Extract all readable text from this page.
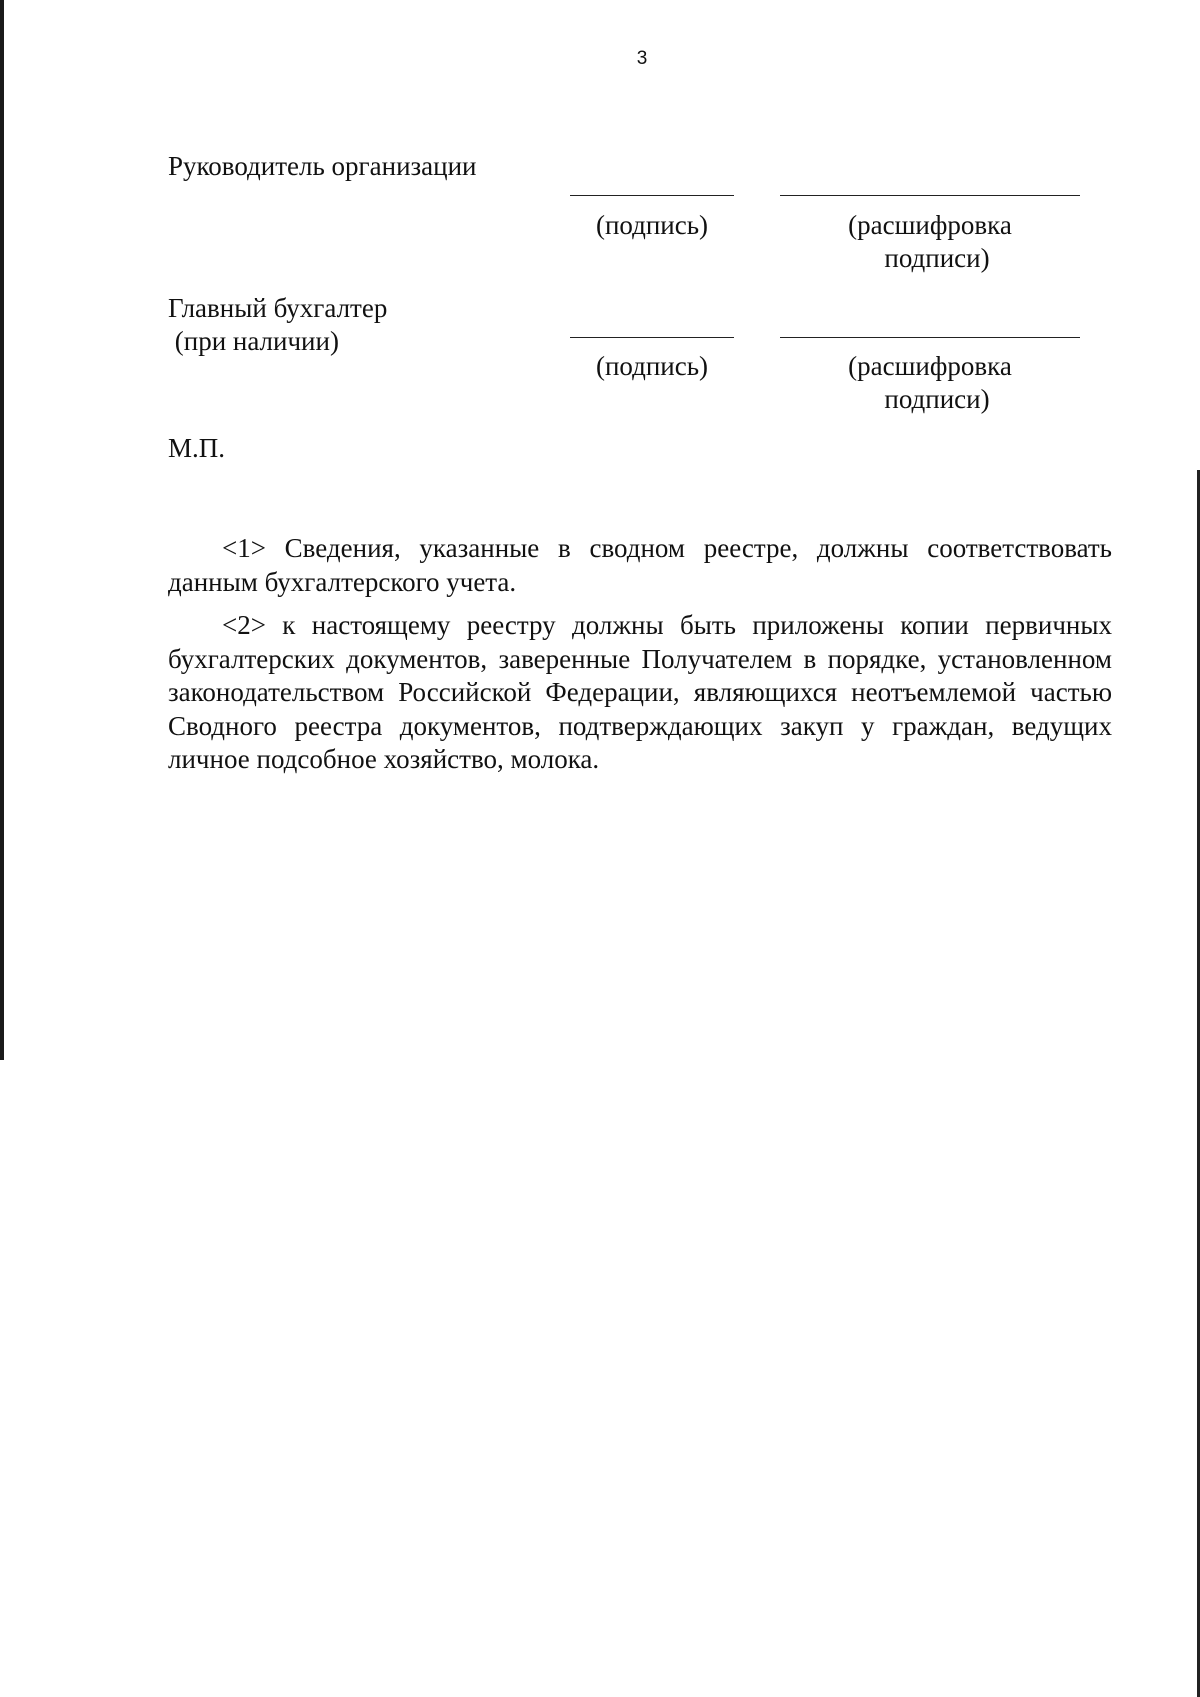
3
Руководитель организации
(подпись)	(расшифровка
подписи)
Главный бухгалтер
(при наличии)
(подпись)	(расшифровка
подписи)
М.П.

<1> Сведения, указанные в сводном реестре, должны соответствовать данным бухгалтерского учета.

<2> к настоящему реестру должны быть приложены копии первичных бухгалтерских документов, заверенные Получателем в порядке, установленном законодательством Российской Федерации, являющихся неотъемлемой частью Сводного реестра документов, подтверждающих закуп у граждан, ведущих личное подсобное хозяйство, молока.
